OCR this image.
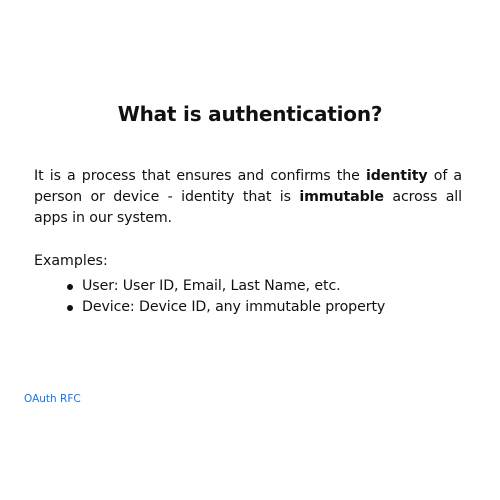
What is authentication?

It is a process that ensures and confirms the identity of a person or device - identity that is immutable across all apps in our system.

Examples:

User: User ID, Email, Last Name, etc.
Device: Device ID, any immutable property
OAuth RFC
